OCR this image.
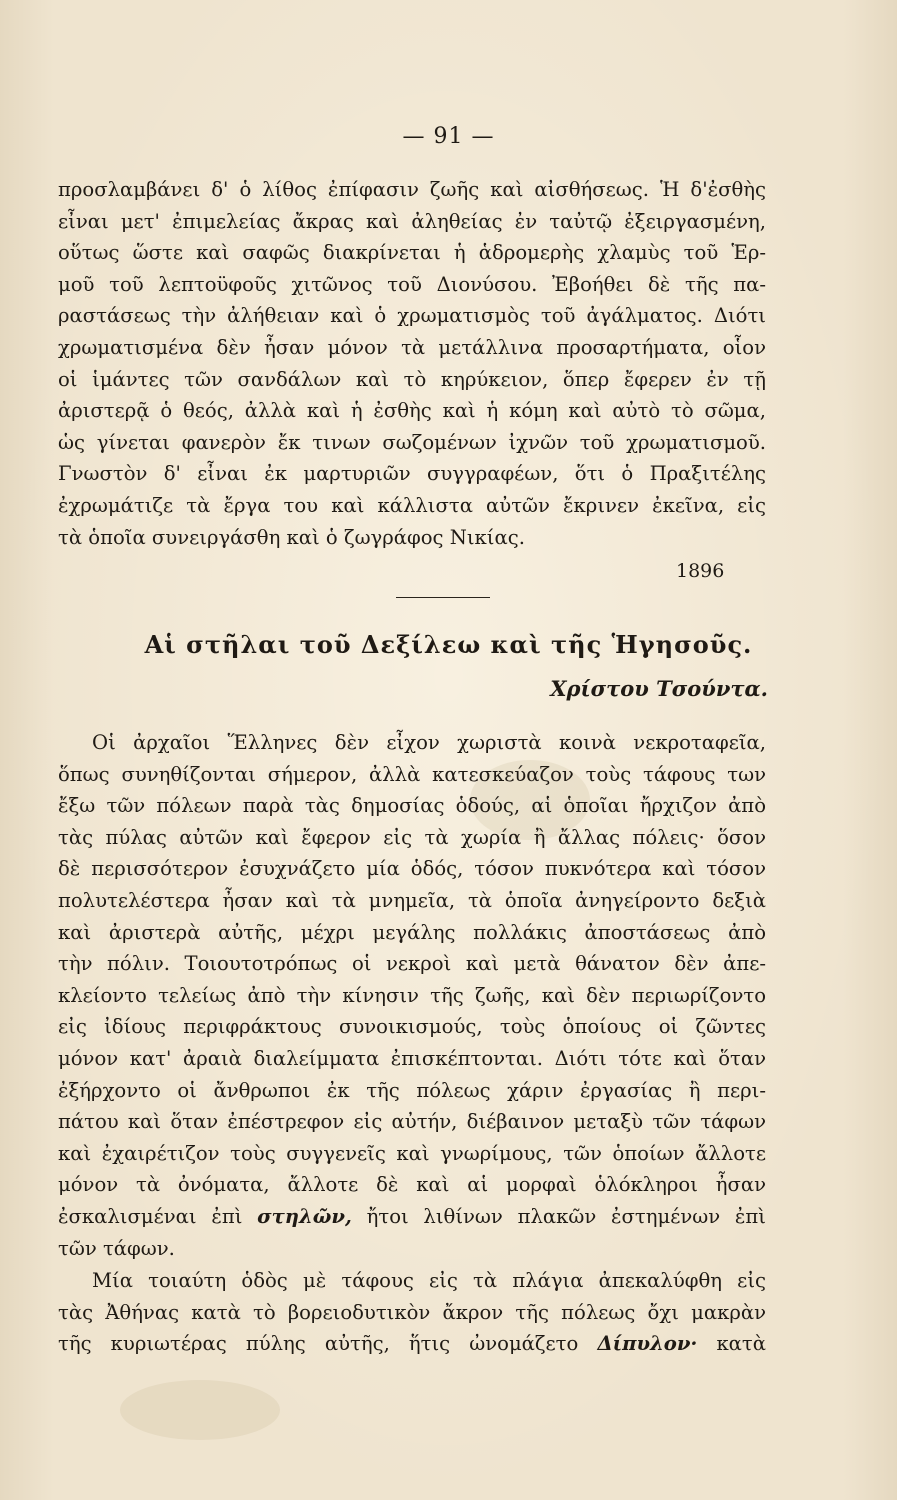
— 91 —
προσλαμβάνει δ' ὁ λίθος ἐπίφασιν ζωῆς καὶ αἰσθήσεως. Ἡ δ'ἐσθὴς
εἶναι μετ' ἐπιμελείας ἄκρας καὶ ἀληθείας ἐν ταὐτῷ ἐξειργασμένη,
οὕτως ὥστε καὶ σαφῶς διακρίνεται ἡ ἁδρομερὴς χλαμὺς τοῦ Ἑρ-
μοῦ τοῦ λεπτοϋφοῦς χιτῶνος τοῦ Διονύσου. Ἐβοήθει δὲ τῆς πα-
ραστάσεως τὴν ἀλήθειαν καὶ ὁ χρωματισμὸς τοῦ ἀγάλματος. Διότι
χρωματισμένα δὲν ἦσαν μόνον τὰ μετάλλινα προσαρτήματα, οἷον
οἱ ἱμάντες τῶν σανδάλων καὶ τὸ κηρύκειον, ὅπερ ἔφερεν ἐν τῇ
ἀριστερᾷ ὁ θεός, ἀλλὰ καὶ ἡ ἐσθὴς καὶ ἡ κόμη καὶ αὐτὸ τὸ σῶμα,
ὡς γίνεται φανερὸν ἔκ τινων σωζομένων ἰχνῶν τοῦ χρωματισμοῦ.
Γνωστὸν δ' εἶναι ἐκ μαρτυριῶν συγγραφέων, ὅτι ὁ Πραξιτέλης
ἐχρωμάτιζε τὰ ἔργα του καὶ κάλλιστα αὐτῶν ἔκρινεν ἐκεῖνα, εἰς
τὰ ὁποῖα συνειργάσθη καὶ ὁ ζωγράφος Νικίας.
1896
Αἱ στῆλαι τοῦ Δεξίλεω καὶ τῆς Ἡγησοῦς.
Χρίστου Τσούντα.
Οἱ ἀρχαῖοι Ἕλληνες δὲν εἶχον χωριστὰ κοινὰ νεκροταφεῖα,
ὅπως συνηθίζονται σήμερον, ἀλλὰ κατεσκεύαζον τοὺς τάφους των
ἔξω τῶν πόλεων παρὰ τὰς δημοσίας ὁδούς, αἱ ὁποῖαι ἤρχιζον ἀπὸ
τὰς πύλας αὐτῶν καὶ ἔφερον εἰς τὰ χωρία ἢ ἄλλας πόλεις· ὅσον
δὲ περισσότερον ἐσυχνάζετο μία ὁδός, τόσον πυκνότερα καὶ τόσον
πολυτελέστερα ἦσαν καὶ τὰ μνημεῖα, τὰ ὁποῖα ἀνηγείροντο δεξιὰ
καὶ ἀριστερὰ αὐτῆς, μέχρι μεγάλης πολλάκις ἀποστάσεως ἀπὸ
τὴν πόλιν. Τοιουτοτρόπως οἱ νεκροὶ καὶ μετὰ θάνατον δὲν ἀπε-
κλείοντο τελείως ἀπὸ τὴν κίνησιν τῆς ζωῆς, καὶ δὲν περιωρίζοντο
εἰς ἰδίους περιφράκτους συνοικισμούς, τοὺς ὁποίους οἱ ζῶντες
μόνον κατ' ἀραιὰ διαλείμματα ἐπισκέπτονται. Διότι τότε καὶ ὅταν
ἐξήρχοντο οἱ ἄνθρωποι ἐκ τῆς πόλεως χάριν ἐργασίας ἢ περι-
πάτου καὶ ὅταν ἐπέστρεφον εἰς αὐτήν, διέβαινον μεταξὺ τῶν τάφων
καὶ ἐχαιρέτιζον τοὺς συγγενεῖς καὶ γνωρίμους, τῶν ὁποίων ἄλλοτε
μόνον τὰ ὀνόματα, ἄλλοτε δὲ καὶ αἱ μορφαὶ ὁλόκληροι ἦσαν
ἐσκαλισμέναι ἐπὶ στηλῶν, ἤτοι λιθίνων πλακῶν ἐστημένων ἐπὶ
τῶν τάφων.
Μία τοιαύτη ὁδὸς μὲ τάφους εἰς τὰ πλάγια ἀπεκαλύφθη εἰς
τὰς Ἀθήνας κατὰ τὸ βορειοδυτικὸν ἄκρον τῆς πόλεως ὄχι μακρὰν
τῆς κυριωτέρας πύλης αὐτῆς, ἥτις ὠνομάζετο Δίπυλον· κατὰ
